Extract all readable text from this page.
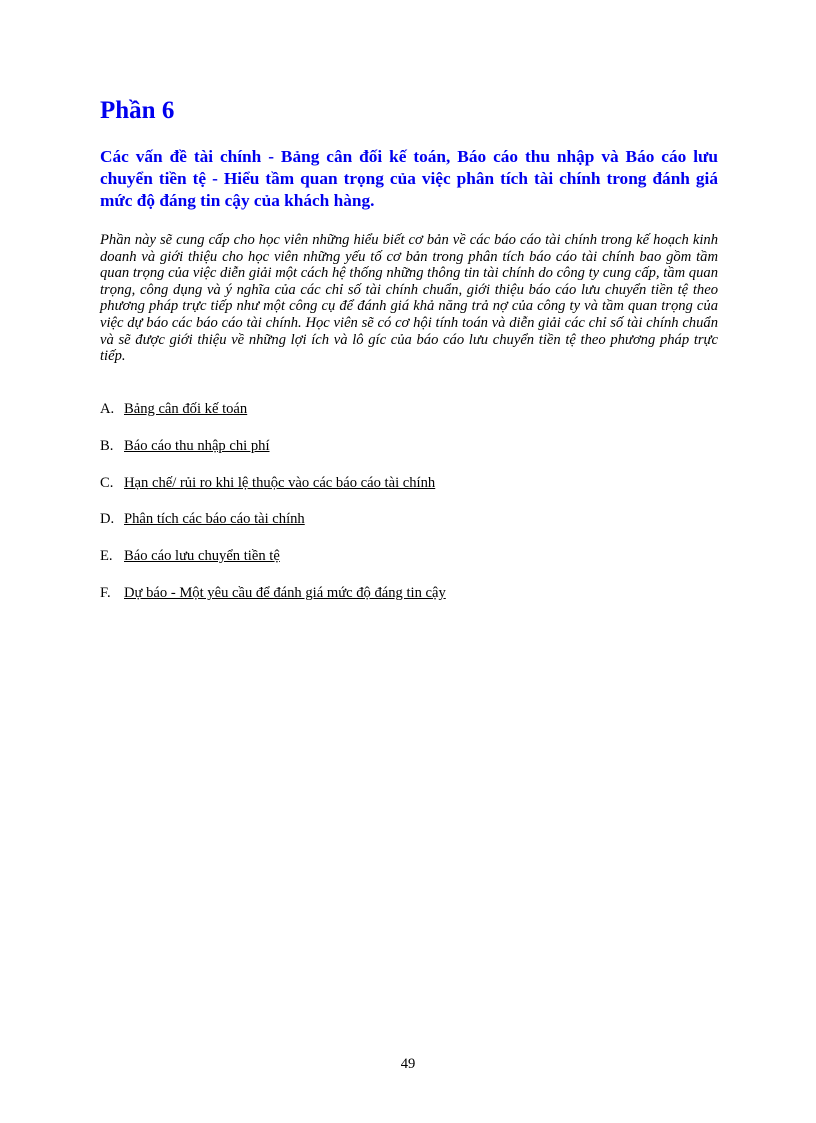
Phần 6
Các vấn đề tài chính - Bảng cân đối kế toán, Báo cáo thu nhập và Báo cáo lưu chuyển tiền tệ - Hiểu tầm quan trọng của việc phân tích tài chính trong đánh giá mức độ đáng tin cậy của khách hàng.

Phần này sẽ cung cấp cho học viên những hiểu biết cơ bản về các báo cáo tài chính trong kế hoạch kinh doanh và giới thiệu cho học viên những yếu tố cơ bản trong phân tích báo cáo tài chính bao gồm tầm quan trọng của việc diễn giải một cách hệ thống những thông tin tài chính do công ty cung cấp, tầm quan trọng, công dụng và ý nghĩa của các chỉ số tài chính chuẩn, giới thiệu báo cáo lưu chuyển tiền tệ theo phương pháp trực tiếp như một công cụ để đánh giá khả năng trả nợ của công ty và tầm quan trọng của việc dự báo các báo cáo tài chính. Học viên sẽ có cơ hội tính toán và diễn giải các chỉ số tài chính chuẩn và sẽ được giới thiệu về những lợi ích và lô gíc của báo cáo lưu chuyển tiền tệ theo phương pháp trực tiếp.

A. Bảng cân đối kế toán
B. Báo cáo thu nhập chi phí
C. Hạn chế/ rủi ro khi lệ thuộc vào các báo cáo tài chính
D. Phân tích các báo cáo tài chính
E. Báo cáo lưu chuyển tiền tệ
F. Dự báo - Một yêu cầu để đánh giá mức độ đáng tin cậy
49
